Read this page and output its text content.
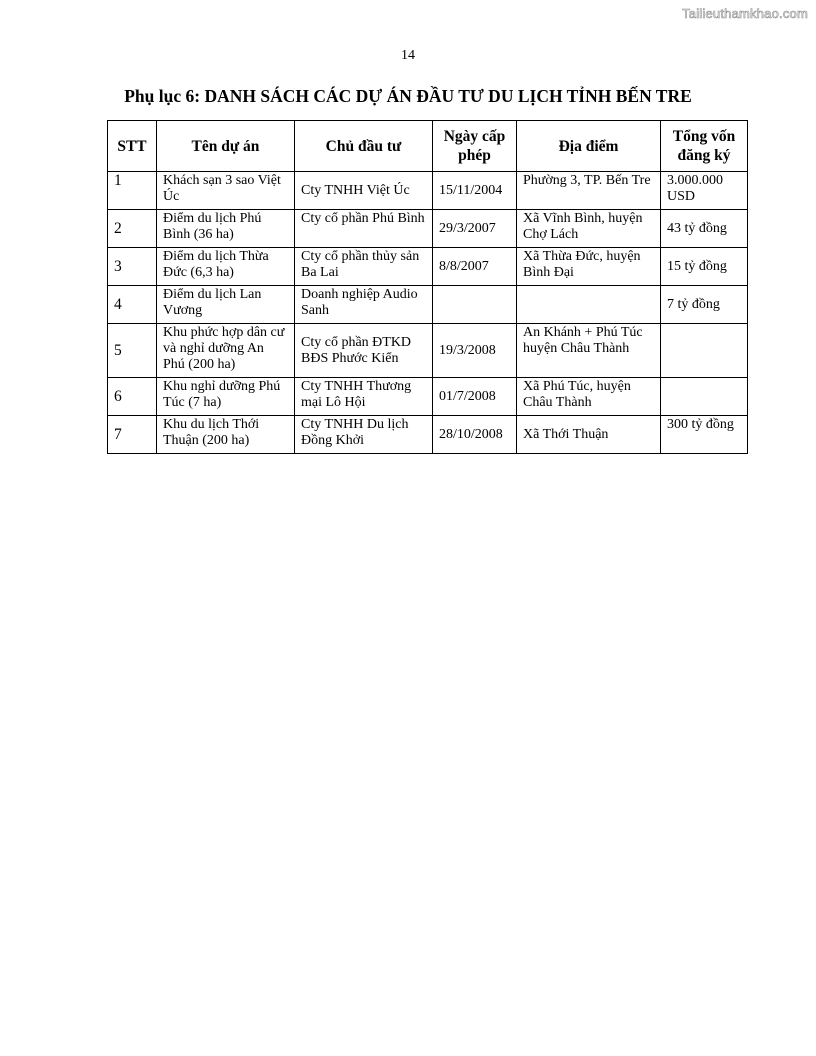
Tailieuthamkhao.com
14
Phụ lục 6: DANH SÁCH CÁC DỰ ÁN ĐẦU TƯ DU LỊCH TỈNH BẾN TRE
STT	Tên dự án	Chủ đầu tư	Ngày cấp phép	Địa điểm	Tổng vốn đăng ký
1	Khách sạn 3 sao Việt Úc	Cty TNHH Việt Úc	15/11/2004	Phường 3, TP. Bến Tre	3.000.000 USD
2	Điểm du lịch Phú Bình (36 ha)	Cty cổ phần Phú Bình	29/3/2007	Xã Vĩnh Bình, huyện Chợ Lách	43 tỷ đồng
3	Điểm du lịch Thừa Đức (6,3 ha)	Cty cổ phần thủy sản Ba Lai	8/8/2007	Xã Thừa Đức, huyện Bình Đại	15 tỷ đồng
4	Điểm du lịch Lan Vương	Doanh nghiệp Audio Sanh			7 tỷ đồng
5	Khu phức hợp dân cư và nghỉ dưỡng An Phú (200 ha)	Cty cổ phần ĐTKD BĐS Phước Kiển	19/3/2008	An Khánh + Phú Túc huyện Châu Thành	
6	Khu nghỉ dưỡng Phú Túc (7 ha)	Cty TNHH Thương mại Lô Hội	01/7/2008	Xã Phú Túc, huyện Châu Thành	
7	Khu du lịch Thới Thuận (200 ha)	Cty TNHH Du lịch Đồng Khởi	28/10/2008	Xã Thới Thuận	300 tỷ đồng
